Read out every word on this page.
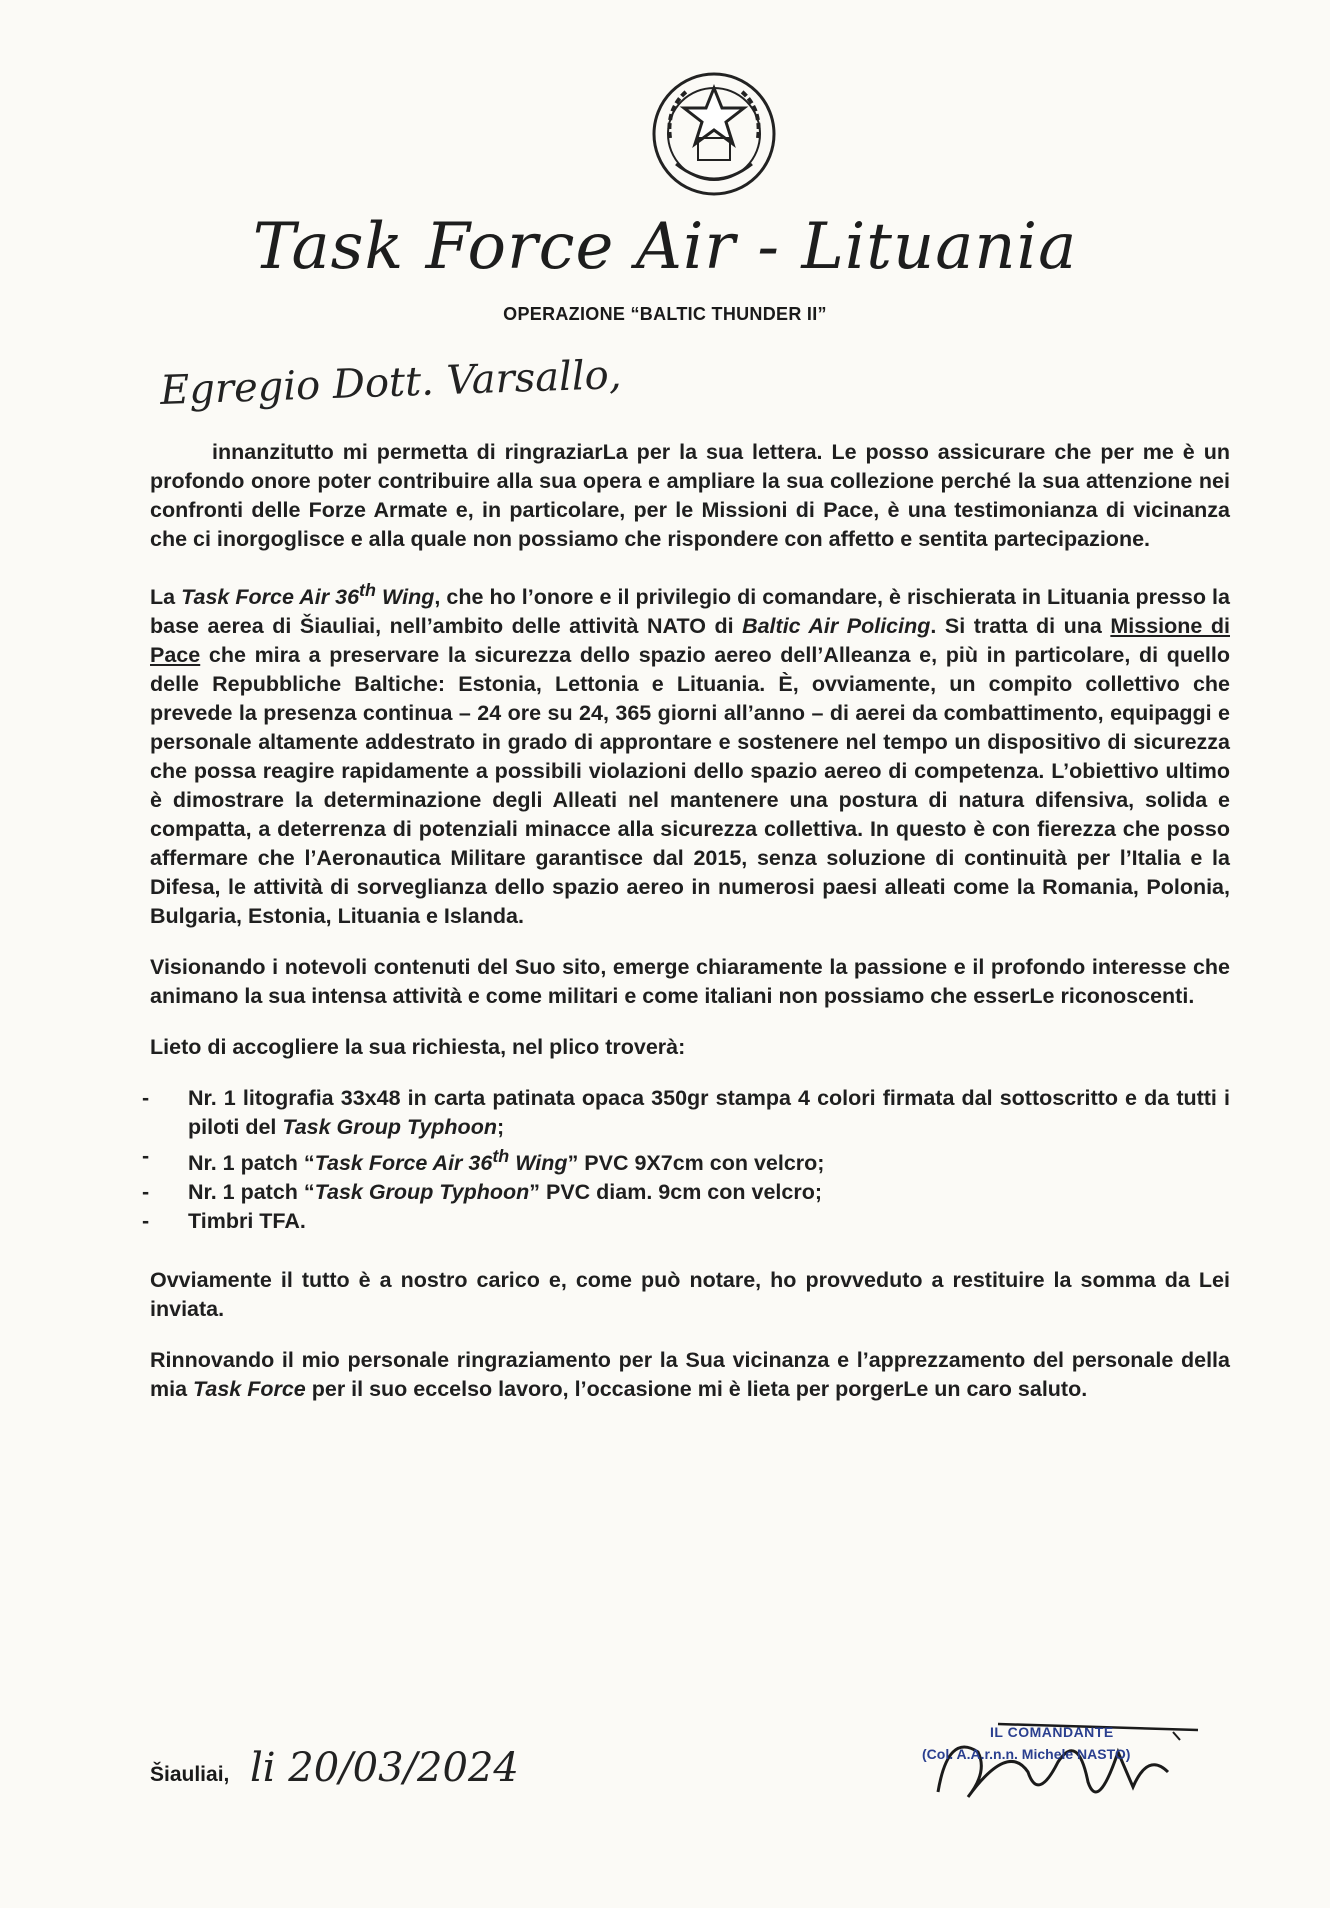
Task Force Air - Lituania
OPERAZIONE “BALTIC THUNDER II”
Egregio Dott. Varsallo,

innanzitutto mi permetta di ringraziarLa per la sua lettera. Le posso assicurare che per me è un profondo onore poter contribuire alla sua opera e ampliare la sua collezione perché la sua attenzione nei confronti delle Forze Armate e, in particolare, per le Missioni di Pace, è una testimonianza di vicinanza che ci inorgoglisce e alla quale non possiamo che rispondere con affetto e sentita partecipazione.

La Task Force Air 36th Wing, che ho l’onore e il privilegio di comandare, è rischierata in Lituania presso la base aerea di Šiauliai, nell’ambito delle attività NATO di Baltic Air Policing. Si tratta di una Missione di Pace che mira a preservare la sicurezza dello spazio aereo dell’Alleanza e, più in particolare, di quello delle Repubbliche Baltiche: Estonia, Lettonia e Lituania. È, ovviamente, un compito collettivo che prevede la presenza continua – 24 ore su 24, 365 giorni all’anno – di aerei da combattimento, equipaggi e personale altamente addestrato in grado di approntare e sostenere nel tempo un dispositivo di sicurezza che possa reagire rapidamente a possibili violazioni dello spazio aereo di competenza. L’obiettivo ultimo è dimostrare la determinazione degli Alleati nel mantenere una postura di natura difensiva, solida e compatta, a deterrenza di potenziali minacce alla sicurezza collettiva. In questo è con fierezza che posso affermare che l’Aeronautica Militare garantisce dal 2015, senza soluzione di continuità per l’Italia e la Difesa, le attività di sorveglianza dello spazio aereo in numerosi paesi alleati come la Romania, Polonia, Bulgaria, Estonia, Lituania e Islanda.

Visionando i notevoli contenuti del Suo sito, emerge chiaramente la passione e il profondo interesse che animano la sua intensa attività e come militari e come italiani non possiamo che esserLe riconoscenti.

Lieto di accogliere la sua richiesta, nel plico troverà:

- Nr. 1 litografia 33x48 in carta patinata opaca 350gr stampa 4 colori firmata dal sottoscritto e da tutti i piloti del Task Group Typhoon;
- Nr. 1 patch “Task Force Air 36th Wing” PVC 9X7cm con velcro;
- Nr. 1 patch “Task Group Typhoon” PVC diam. 9cm con velcro;
- Timbri TFA.

Ovviamente il tutto è a nostro carico e, come può notare, ho provveduto a restituire la somma da Lei inviata.

Rinnovando il mio personale ringraziamento per la Sua vicinanza e l’apprezzamento del personale della mia Task Force per il suo eccelso lavoro, l’occasione mi è lieta per porgerLe un caro saluto.

Šiauliai, li 20/03/2024
IL COMANDANTE
(Col. A.A.r.n.n. Michele NASTO)
